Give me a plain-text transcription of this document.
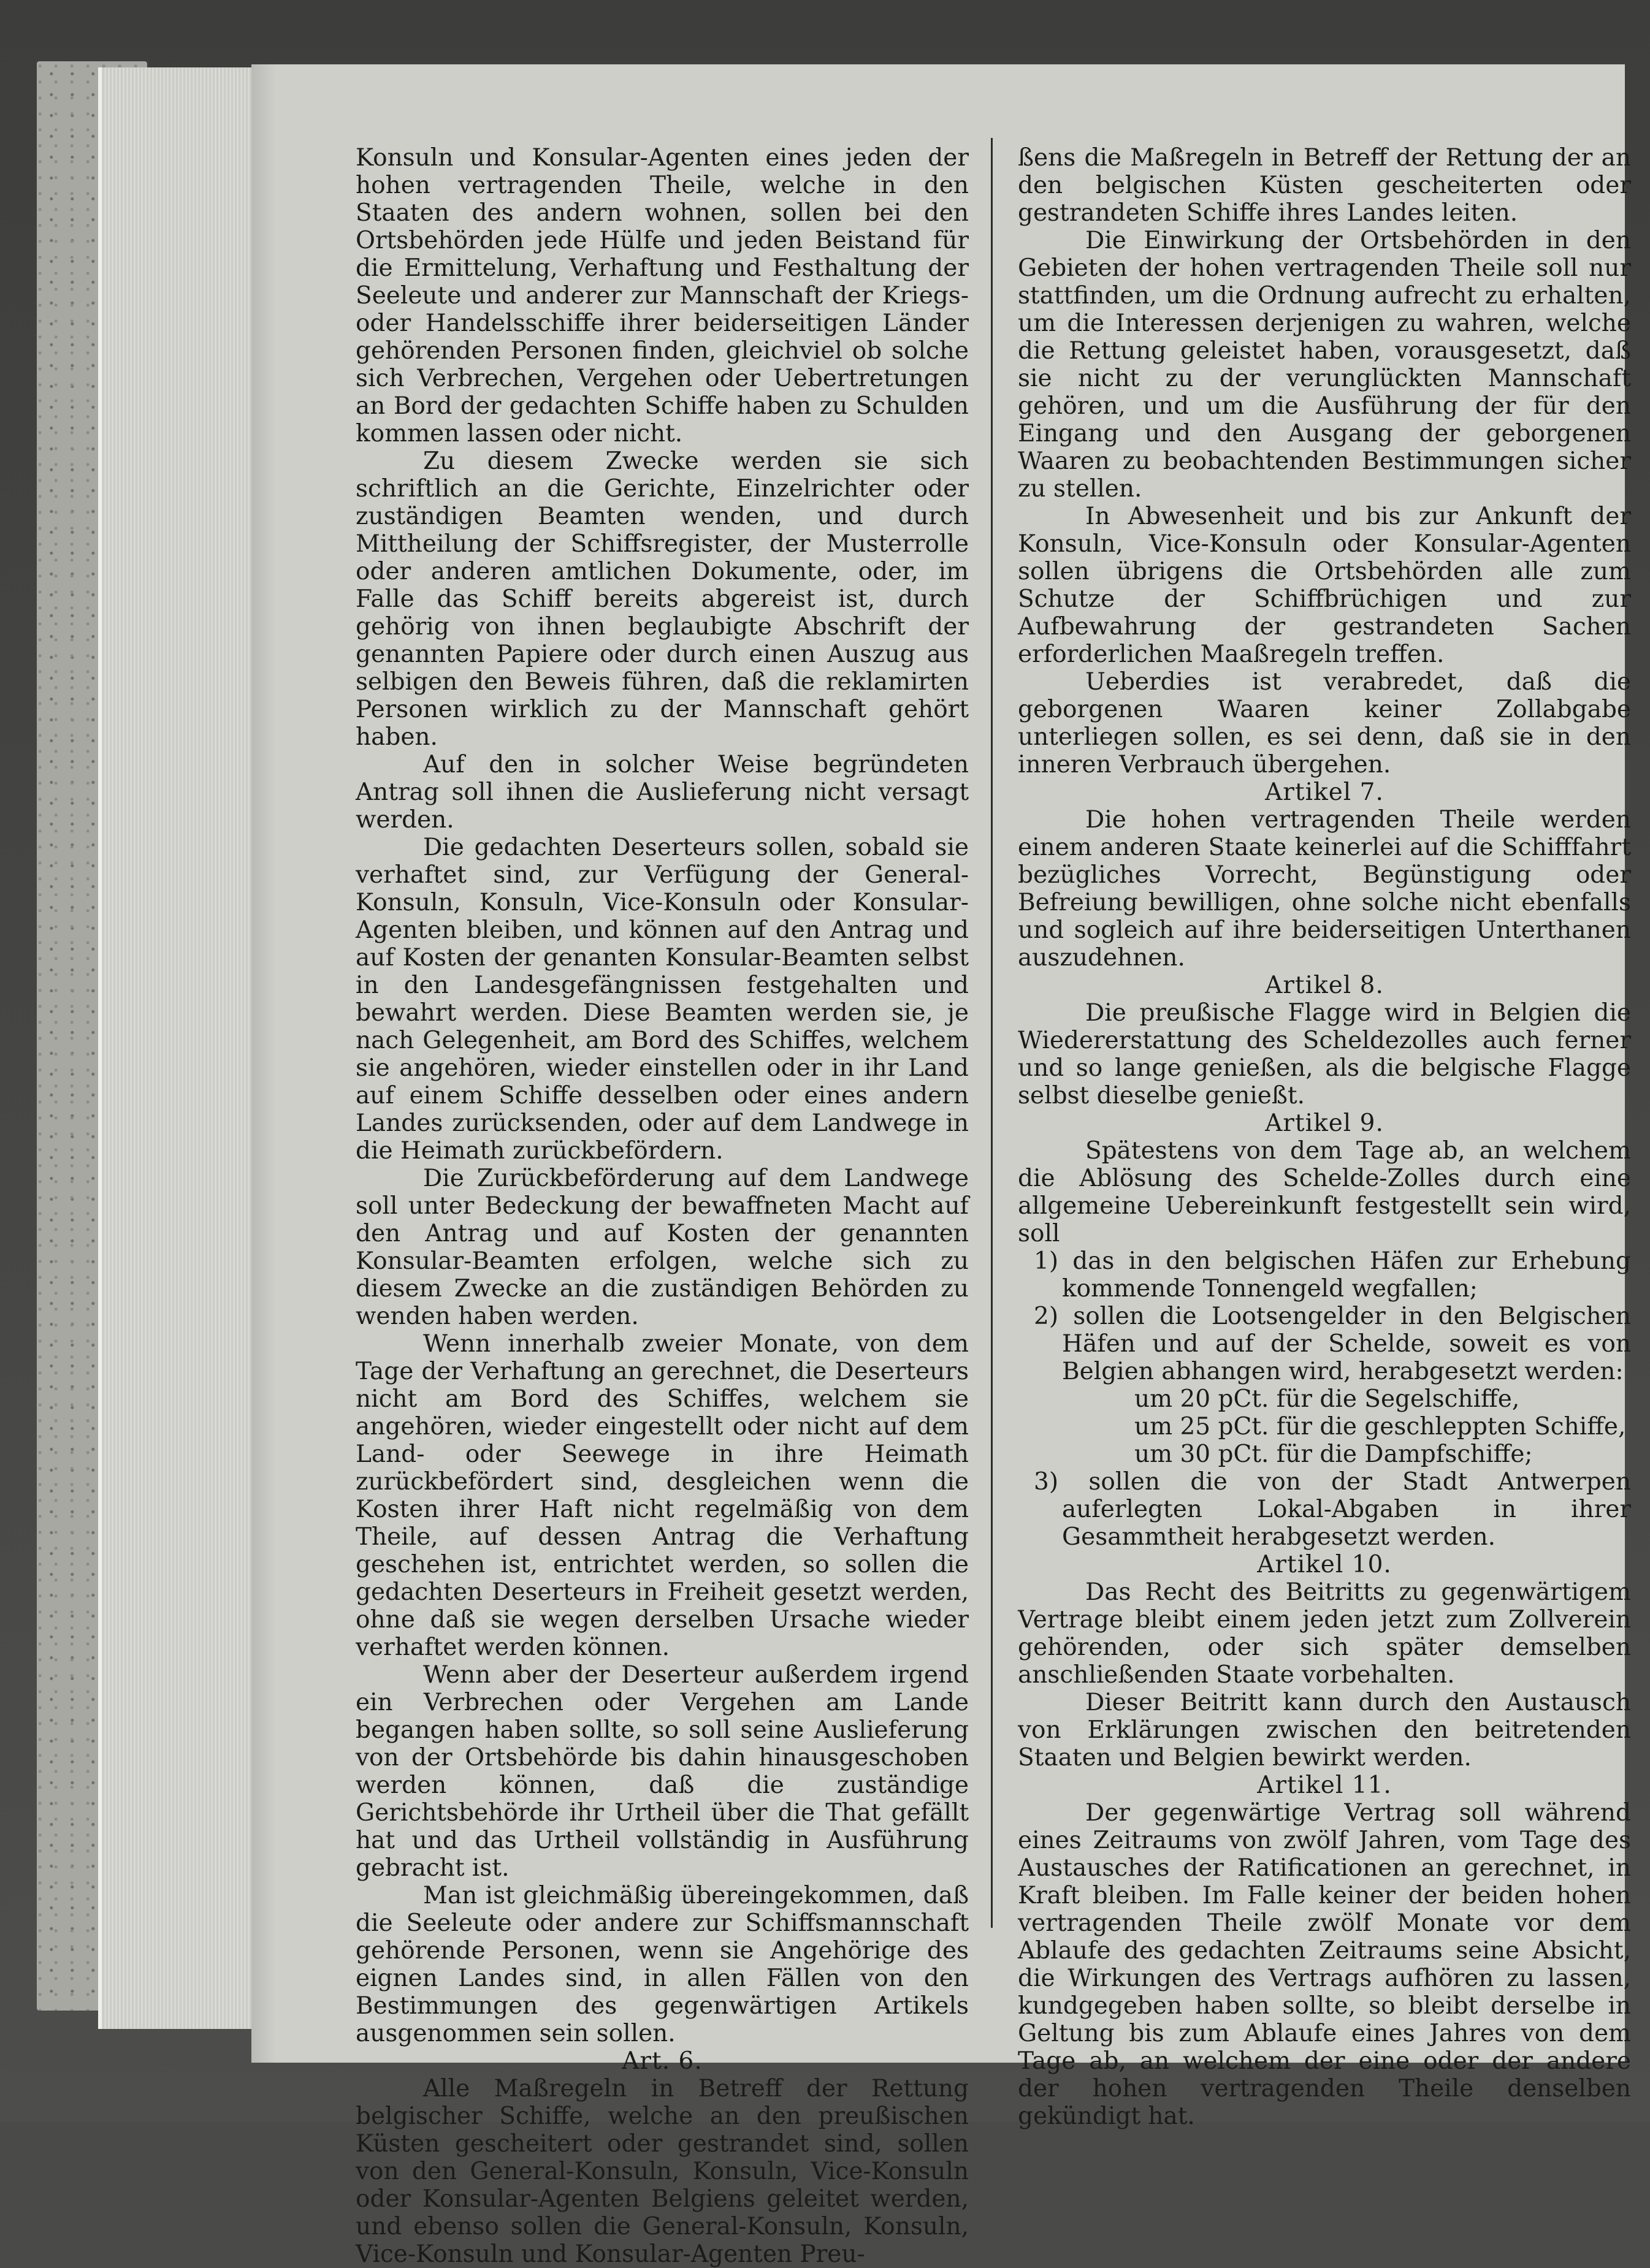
Konsuln und Konsular-Agenten eines jeden der hohen vertragenden Theile, welche in den Staaten des andern wohnen, sollen bei den Ortsbehörden jede Hülfe und jeden Beistand für die Ermittelung, Verhaftung und Festhaltung der Seeleute und anderer zur Mannschaft der Kriegs- oder Handelsschiffe ihrer beiderseitigen Länder gehörenden Personen finden, gleichviel ob solche sich Verbrechen, Vergehen oder Uebertretungen an Bord der gedachten Schiffe haben zu Schulden kommen lassen oder nicht.

Zu diesem Zwecke werden sie sich schriftlich an die Gerichte, Einzelrichter oder zuständigen Beamten wenden, und durch Mittheilung der Schiffsregister, der Musterrolle oder anderen amtlichen Dokumente, oder, im Falle das Schiff bereits abgereist ist, durch gehörig von ihnen beglaubigte Abschrift der genannten Papiere oder durch einen Auszug aus selbigen den Beweis führen, daß die reklamirten Personen wirklich zu der Mannschaft gehört haben.

Auf den in solcher Weise begründeten Antrag soll ihnen die Auslieferung nicht versagt werden.

Die gedachten Deserteurs sollen, sobald sie verhaftet sind, zur Verfügung der General-Konsuln, Konsuln, Vice-Konsuln oder Konsular-Agenten bleiben, und können auf den Antrag und auf Kosten der genanten Konsular-Beamten selbst in den Landesgefängnissen festgehalten und bewahrt werden. Diese Beamten werden sie, je nach Gelegenheit, am Bord des Schiffes, welchem sie angehören, wieder einstellen oder in ihr Land auf einem Schiffe desselben oder eines andern Landes zurücksenden, oder auf dem Landwege in die Heimath zurückbefördern.

Die Zurückbeförderung auf dem Landwege soll unter Bedeckung der bewaffneten Macht auf den Antrag und auf Kosten der genannten Konsular-Beamten erfolgen, welche sich zu diesem Zwecke an die zuständigen Behörden zu wenden haben werden.

Wenn innerhalb zweier Monate, von dem Tage der Verhaftung an gerechnet, die Deserteurs nicht am Bord des Schiffes, welchem sie angehören, wieder eingestellt oder nicht auf dem Land- oder Seewege in ihre Heimath zurückbefördert sind, desgleichen wenn die Kosten ihrer Haft nicht regelmäßig von dem Theile, auf dessen Antrag die Verhaftung geschehen ist, entrichtet werden, so sollen die gedachten Deserteurs in Freiheit gesetzt werden, ohne daß sie wegen derselben Ursache wieder verhaftet werden können.

Wenn aber der Deserteur außerdem irgend ein Verbrechen oder Vergehen am Lande begangen haben sollte, so soll seine Auslieferung von der Ortsbehörde bis dahin hinausgeschoben werden können, daß die zuständige Gerichtsbehörde ihr Urtheil über die That gefällt hat und das Urtheil vollständig in Ausführung gebracht ist.

Man ist gleichmäßig übereingekommen, daß die Seeleute oder andere zur Schiffsmannschaft gehörende Personen, wenn sie Angehörige des eignen Landes sind, in allen Fällen von den Bestimmungen des gegenwärtigen Artikels ausgenommen sein sollen.

Art. 6.

Alle Maßregeln in Betreff der Rettung belgischer Schiffe, welche an den preußischen Küsten gescheitert oder gestrandet sind, sollen von den General-Konsuln, Konsuln, Vice-Konsuln oder Konsular-Agenten Belgiens geleitet werden, und ebenso sollen die General-Konsuln, Konsuln, Vice-Konsuln und Konsular-Agenten Preu-

ßens die Maßregeln in Betreff der Rettung der an den belgischen Küsten gescheiterten oder gestrandeten Schiffe ihres Landes leiten.

Die Einwirkung der Ortsbehörden in den Gebieten der hohen vertragenden Theile soll nur stattfinden, um die Ordnung aufrecht zu erhalten, um die Interessen derjenigen zu wahren, welche die Rettung geleistet haben, vorausgesetzt, daß sie nicht zu der verunglückten Mannschaft gehören, und um die Ausführung der für den Eingang und den Ausgang der geborgenen Waaren zu beobachtenden Bestimmungen sicher zu stellen.

In Abwesenheit und bis zur Ankunft der Konsuln, Vice-Konsuln oder Konsular-Agenten sollen übrigens die Ortsbehörden alle zum Schutze der Schiffbrüchigen und zur Aufbewahrung der gestrandeten Sachen erforderlichen Maaßregeln treffen.

Ueberdies ist verabredet, daß die geborgenen Waaren keiner Zollabgabe unterliegen sollen, es sei denn, daß sie in den inneren Verbrauch übergehen.

Artikel 7.

Die hohen vertragenden Theile werden einem anderen Staate keinerlei auf die Schifffahrt bezügliches Vorrecht, Begünstigung oder Befreiung bewilligen, ohne solche nicht ebenfalls und sogleich auf ihre beiderseitigen Unterthanen auszudehnen.

Artikel 8.

Die preußische Flagge wird in Belgien die Wiedererstattung des Scheldezolles auch ferner und so lange genießen, als die belgische Flagge selbst dieselbe genießt.

Artikel 9.

Spätestens von dem Tage ab, an welchem die Ablösung des Schelde-Zolles durch eine allgemeine Uebereinkunft festgestellt sein wird, soll

1) das in den belgischen Häfen zur Erhebung kommende Tonnengeld wegfallen;

2) sollen die Lootsengelder in den Belgischen Häfen und auf der Schelde, soweit es von Belgien abhangen wird, herabgesetzt werden:

um 20 pCt. für die Segelschiffe,

um 25 pCt. für die geschleppten Schiffe,

um 30 pCt. für die Dampfschiffe;

3) sollen die von der Stadt Antwerpen auferlegten Lokal-Abgaben in ihrer Gesammtheit herabgesetzt werden.

Artikel 10.

Das Recht des Beitritts zu gegenwärtigem Vertrage bleibt einem jeden jetzt zum Zollverein gehörenden, oder sich später demselben anschließenden Staate vorbehalten.

Dieser Beitritt kann durch den Austausch von Erklärungen zwischen den beitretenden Staaten und Belgien bewirkt werden.

Artikel 11.

Der gegenwärtige Vertrag soll während eines Zeitraums von zwölf Jahren, vom Tage des Austausches der Ratificationen an gerechnet, in Kraft bleiben. Im Falle keiner der beiden hohen vertragenden Theile zwölf Monate vor dem Ablaufe des gedachten Zeitraums seine Absicht, die Wirkungen des Vertrags aufhören zu lassen, kundgegeben haben sollte, so bleibt derselbe in Geltung bis zum Ablaufe eines Jahres von dem Tage ab, an welchem der eine oder der andere der hohen vertragenden Theile denselben gekündigt hat.
